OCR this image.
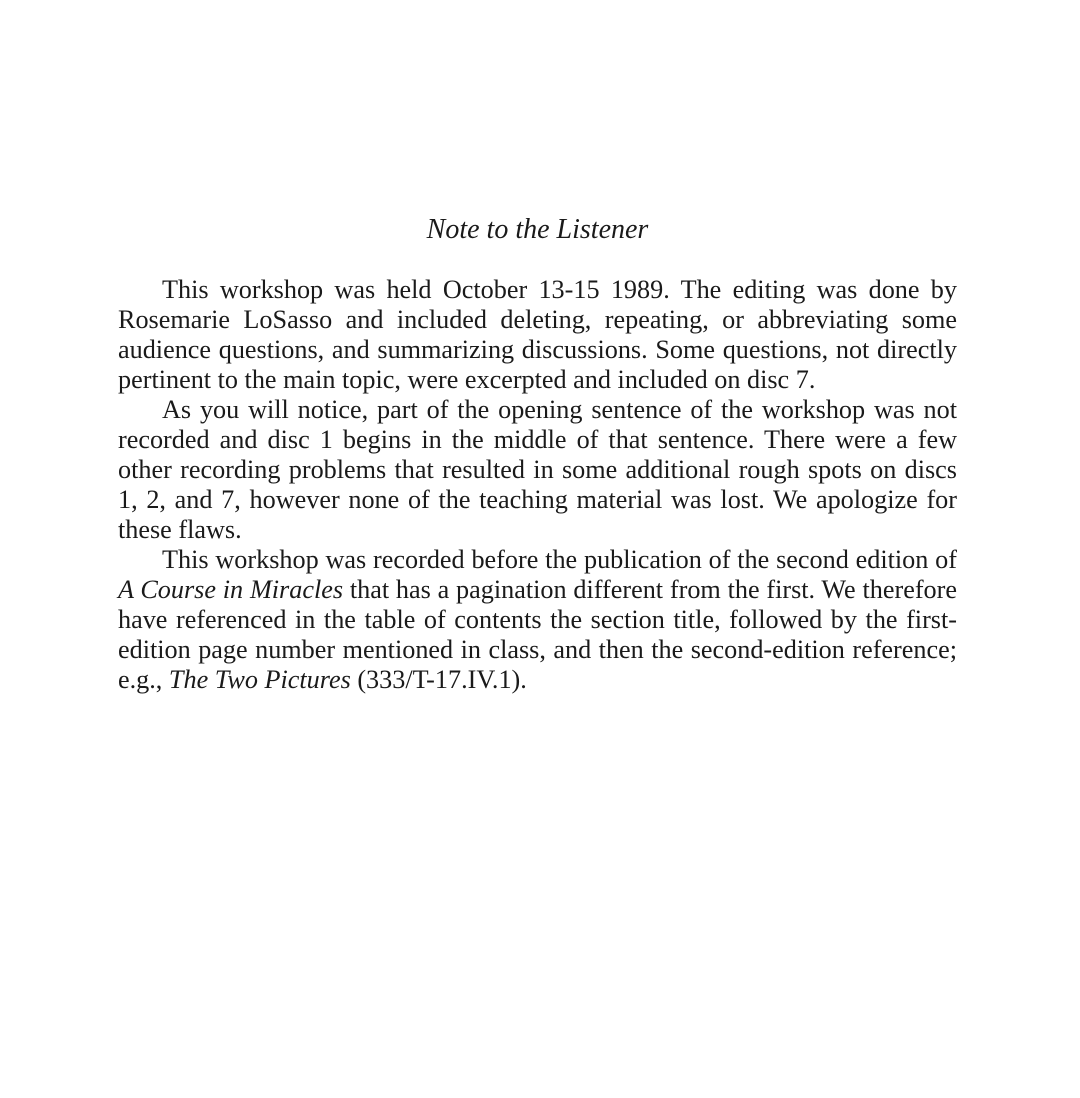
Note to the Listener

This workshop was held October 13-15 1989. The editing was done by Rosemarie LoSasso and included deleting, repeating, or abbreviating some audience questions, and summarizing discussions. Some questions, not directly pertinent to the main topic, were excerpted and included on disc 7.

As you will notice, part of the opening sentence of the workshop was not recorded and disc 1 begins in the middle of that sentence. There were a few other recording problems that resulted in some additional rough spots on discs 1, 2, and 7, however none of the teaching material was lost. We apologize for these flaws.

This workshop was recorded before the publication of the second edition of A Course in Miracles that has a pagination different from the first. We therefore have referenced in the table of contents the section title, followed by the first-edition page number mentioned in class, and then the second-edition reference; e.g., The Two Pictures (333/T-17.IV.1).
